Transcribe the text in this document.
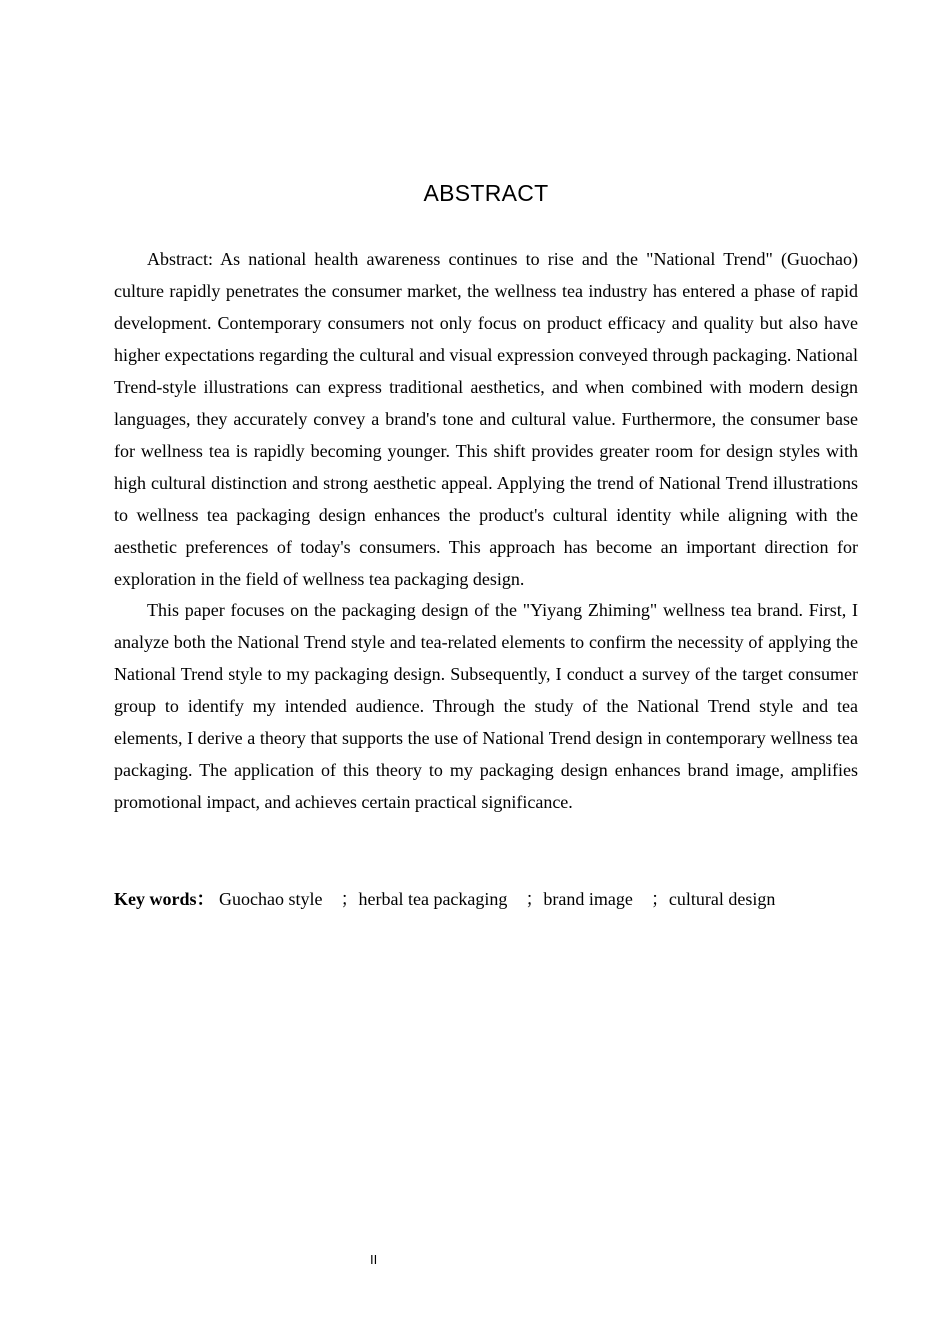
ABSTRACT

Abstract: As national health awareness continues to rise and the "National Trend" (Guochao) culture rapidly penetrates the consumer market, the wellness tea industry has entered a phase of rapid development. Contemporary consumers not only focus on product efficacy and quality but also have higher expectations regarding the cultural and visual expression conveyed through packaging. National Trend-style illustrations can express traditional aesthetics, and when combined with modern design languages, they accurately convey a brand's tone and cultural value. Furthermore, the consumer base for wellness tea is rapidly becoming younger. This shift provides greater room for design styles with high cultural distinction and strong aesthetic appeal. Applying the trend of National Trend illustrations to wellness tea packaging design enhances the product's cultural identity while aligning with the aesthetic preferences of today's consumers. This approach has become an important direction for exploration in the field of wellness tea packaging design.

This paper focuses on the packaging design of the "Yiyang Zhiming" wellness tea brand. First, I analyze both the National Trend style and tea-related elements to confirm the necessity of applying the National Trend style to my packaging design. Subsequently, I conduct a survey of the target consumer group to identify my intended audience. Through the study of the National Trend style and tea elements, I derive a theory that supports the use of National Trend design in contemporary wellness tea packaging. The application of this theory to my packaging design enhances brand image, amplifies promotional impact, and achieves certain practical significance.

Key words： Guochao style ；herbal tea packaging ；brand image ；cultural design
II
